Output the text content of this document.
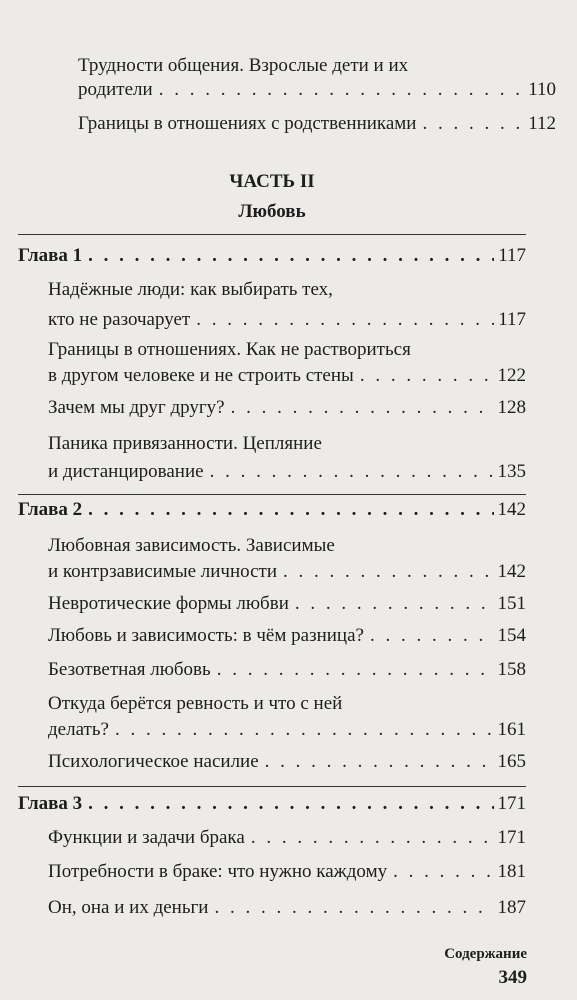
Трудности общения. Взрослые дети и их
родители . . .	110
Границы в отношениях с родственниками . . .	112
ЧАСТЬ II
Любовь
Глава 1 . . .	117
Надёжные люди: как выбирать тех,
кто не разочарует . . .	117
Границы в отношениях. Как не раствориться
в другом человеке и не строить стены . . .	122
Зачем мы друг другу? . . .	128
Паника привязанности. Цепляние
и дистанцирование . . .	135
Глава 2 . . .	142
Любовная зависимость. Зависимые
и контрзависимые личности . . .	142
Невротические формы любви . . .	151
Любовь и зависимость: в чём разница? . . .	154
Безответная любовь . . .	158
Откуда берётся ревность и что с ней
делать? . . .	161
Психологическое насилие . . .	165
Глава 3 . . .	171
Функции и задачи брака . . .	171
Потребности в браке: что нужно каждому . . .	181
Он, она и их деньги . . .	187
Содержание
349
